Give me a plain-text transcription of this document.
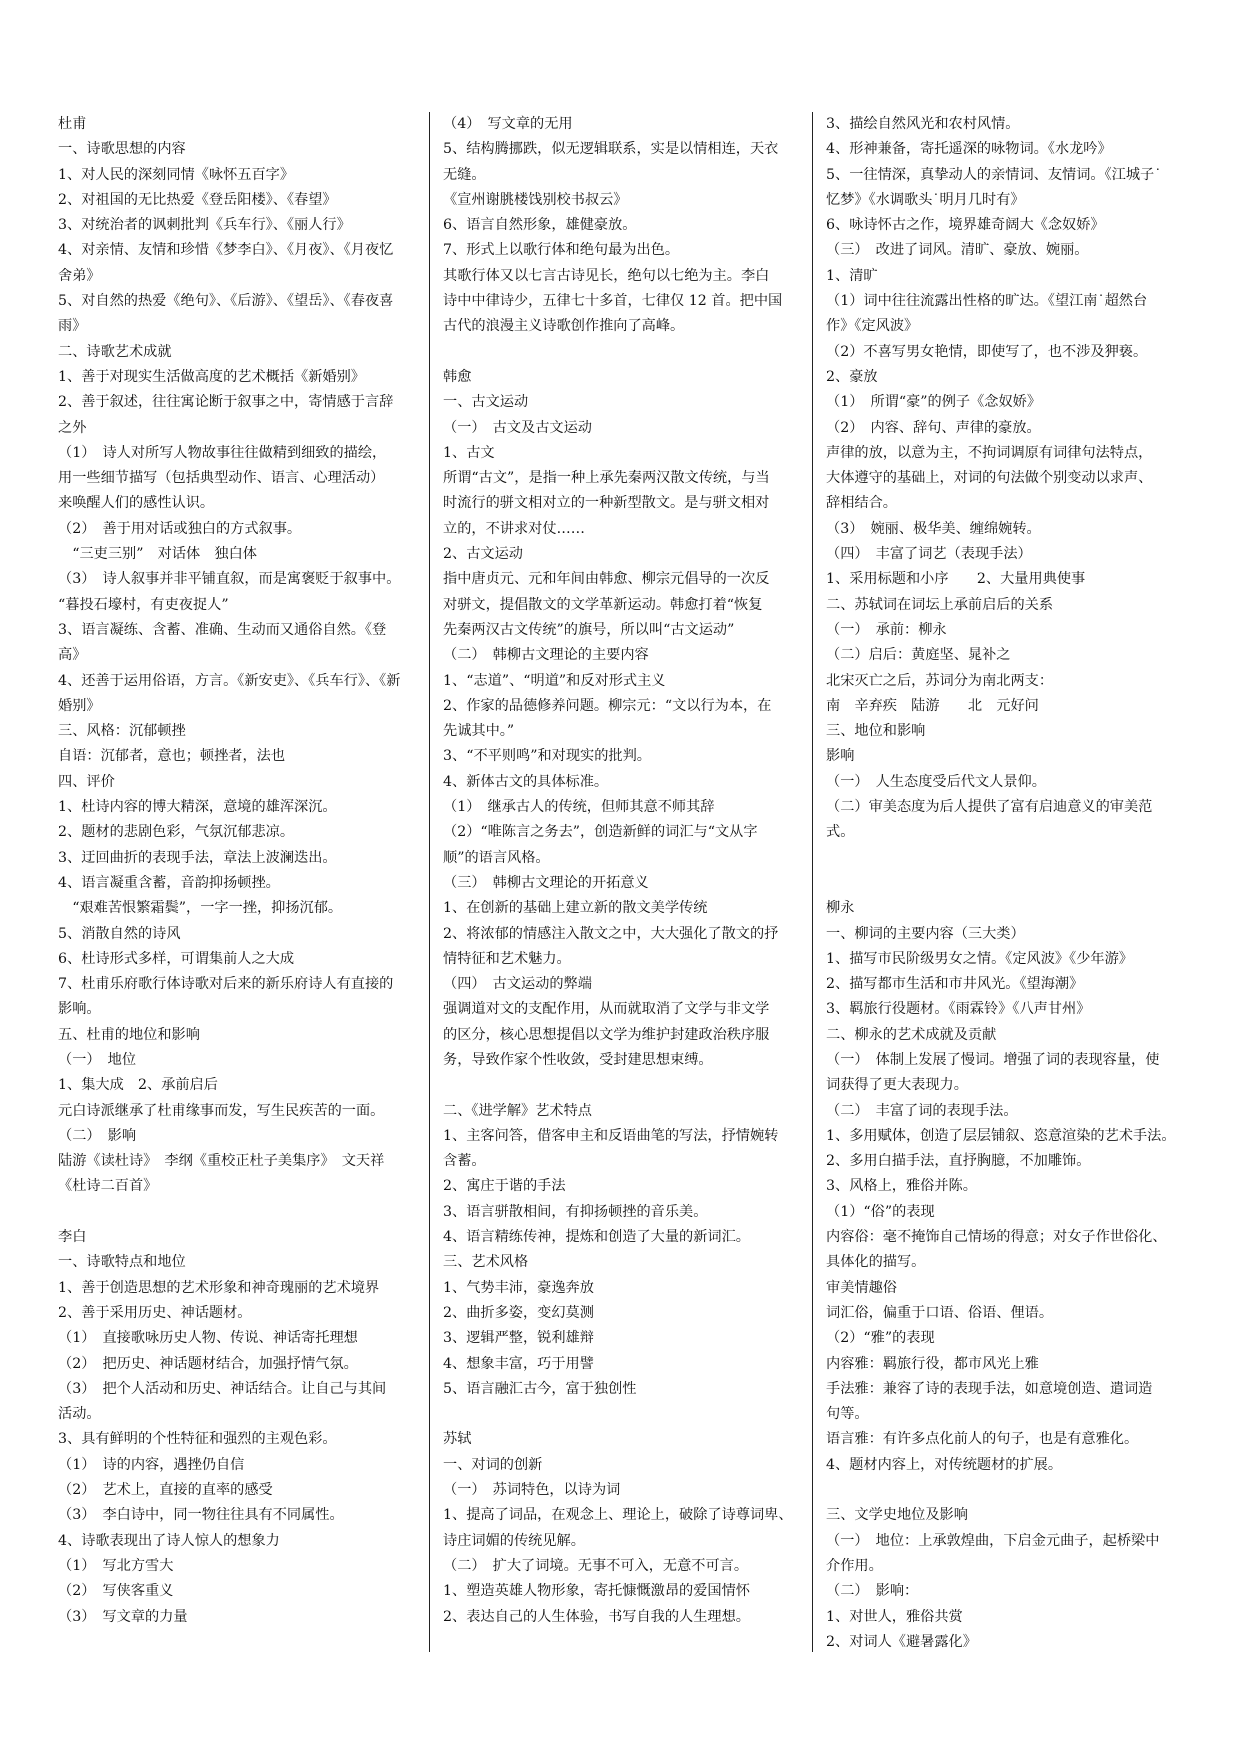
杜甫
一、诗歌思想的内容
1、对人民的深刻同情《咏怀五百字》
2、对祖国的无比热爱《登岳阳楼》、《春望》
3、对统治者的讽刺批判《兵车行》、《丽人行》
4、对亲情、友情和珍惜《梦李白》、《月夜》、《月夜忆
舍弟》
5、对自然的热爱《绝句》、《后游》、《望岳》、《春夜喜
雨》
二、诗歌艺术成就
1、善于对现实生活做高度的艺术概括《新婚别》
2、善于叙述，往往寓论断于叙事之中，寄情感于言辞
之外
（1）　诗人对所写人物故事往往做精到细致的描绘，
用一些细节描写（包括典型动作、语言、心理活动）
来唤醒人们的感性认识。
（2）　善于用对话或独白的方式叙事。
　“三吏三别”　对话体　独白体
（3）　诗人叙事并非平铺直叙，而是寓褒贬于叙事中。
“暮投石壕村，有吏夜捉人”
3、语言凝练、含蓄、准确、生动而又通俗自然。《登
高》
4、还善于运用俗语，方言。《新安吏》、《兵车行》、《新
婚别》
三、风格：沉郁顿挫
自语：沉郁者，意也；顿挫者，法也
四、评价
1、杜诗内容的博大精深，意境的雄浑深沉。
2、题材的悲剧色彩，气氛沉郁悲凉。
3、迂回曲折的表现手法，章法上波澜迭出。
4、语言凝重含蓄，音韵抑扬顿挫。
　“艰难苦恨繁霜鬓”，一字一挫，抑扬沉郁。
5、消散自然的诗风
6、杜诗形式多样，可谓集前人之大成
7、杜甫乐府歌行体诗歌对后来的新乐府诗人有直接的
影响。
五、杜甫的地位和影响
（一）　地位
1、集大成　2、承前启后
元白诗派继承了杜甫缘事而发，写生民疾苦的一面。
（二）　影响
陆游《读杜诗》　李纲《重校正杜子美集序》　文天祥
《杜诗二百首》
李白
一、诗歌特点和地位
1、善于创造思想的艺术形象和神奇瑰丽的艺术境界
2、善于采用历史、神话题材。
（1）　直接歌咏历史人物、传说、神话寄托理想
（2）　把历史、神话题材结合，加强抒情气氛。
（3）　把个人活动和历史、神话结合。让自己与其间
活动。
3、具有鲜明的个性特征和强烈的主观色彩。
（1）　诗的内容，遇挫仍自信
（2）　艺术上，直接的直率的感受
（3）　李白诗中，同一物往往具有不同属性。
4、诗歌表现出了诗人惊人的想象力
（1）　写北方雪大
（2）　写侠客重义
（3）　写文章的力量
（4）　写文章的无用
5、结构腾挪跌，似无逻辑联系，实是以情相连，天衣
无缝。
《宣州谢朓楼饯别校书叔云》
6、语言自然形象，雄健豪放。
7、形式上以歌行体和绝句最为出色。
其歌行体又以七言古诗见长，绝句以七绝为主。李白
诗中中律诗少，五律七十多首，七律仅 12 首。把中国
古代的浪漫主义诗歌创作推向了高峰。
韩愈
一、古文运动
（一）　古文及古文运动
1、古文
所谓“古文”，是指一种上承先秦两汉散文传统，与当
时流行的骈文相对立的一种新型散文。是与骈文相对
立的，不讲求对仗……
2、古文运动
指中唐贞元、元和年间由韩愈、柳宗元倡导的一次反
对骈文，提倡散文的文学革新运动。韩愈打着“恢复
先秦两汉古文传统”的旗号，所以叫“古文运动”
（二）　韩柳古文理论的主要内容
1、“志道”、“明道”和反对形式主义
2、作家的品德修养问题。柳宗元：“文以行为本，在
先诚其中。”
3、“不平则鸣”和对现实的批判。
4、新体古文的具体标准。
（1）　继承古人的传统，但师其意不师其辞
（2）“唯陈言之务去”，创造新鲜的词汇与“文从字
顺”的语言风格。
（三）　韩柳古文理论的开拓意义
1、在创新的基础上建立新的散文美学传统
2、将浓郁的情感注入散文之中，大大强化了散文的抒
情特征和艺术魅力。
（四）　古文运动的弊端
强调道对文的支配作用，从而就取消了文学与非文学
的区分，核心思想提倡以文学为维护封建政治秩序服
务，导致作家个性收敛，受封建思想束缚。
二、《进学解》艺术特点
1、主客问答，借客申主和反语曲笔的写法，抒情婉转
含蓄。
2、寓庄于谐的手法
3、语言骈散相间，有抑扬顿挫的音乐美。
4、语言精练传神，提炼和创造了大量的新词汇。
三、艺术风格
1、气势丰沛，豪逸奔放
2、曲折多姿，变幻莫测
3、逻辑严整，锐利雄辩
4、想象丰富，巧于用譬
5、语言融汇古今，富于独创性
苏轼
一、对词的创新
（一）　苏词特色，以诗为词
1、提高了词品，在观念上、理论上，破除了诗尊词卑、
诗庄词媚的传统见解。
（二）　扩大了词境。无事不可入，无意不可言。
1、塑造英雄人物形象，寄托慷慨激昂的爱国情怀
2、表达自己的人生体验，书写自我的人生理想。
3、描绘自然风光和农村风情。
4、形神兼备，寄托遥深的咏物词。《水龙吟》
5、一往情深，真挚动人的亲情词、友情词。《江城子˙
忆梦》《水调歌头˙明月几时有》
6、咏诗怀古之作，境界雄奇阔大《念奴娇》
（三）　改进了词风。清旷、豪放、婉丽。
1、清旷
（1）词中往往流露出性格的旷达。《望江南˙超然台
作》《定风波》
（2）不喜写男女艳情，即使写了，也不涉及狎亵。
2、豪放
（1）　所谓“豪”的例子《念奴娇》
（2）　内容、辞句、声律的豪放。
声律的放，以意为主，不拘词调原有词律句法特点，
大体遵守的基础上，对词的句法做个别变动以求声、
辞相结合。
（3）　婉丽、极华美、缠绵婉转。
（四）　丰富了词艺（表现手法）
1、采用标题和小序　　2、大量用典使事
二、苏轼词在词坛上承前启后的关系
（一）　承前：柳永
（二）启后：黄庭坚、晁补之
北宋灭亡之后，苏词分为南北两支：
南　辛弃疾　陆游　　北　元好问
三、地位和影响
影响
（一）　人生态度受后代文人景仰。
（二）审美态度为后人提供了富有启迪意义的审美范
式。
柳永
一、柳词的主要内容（三大类）
1、描写市民阶级男女之情。《定风波》《少年游》
2、描写都市生活和市井风光。《望海潮》
3、羁旅行役题材。《雨霖铃》《八声甘州》
二、柳永的艺术成就及贡献
（一）　体制上发展了慢词。增强了词的表现容量，使
词获得了更大表现力。
（二）　丰富了词的表现手法。
1、多用赋体，创造了层层铺叙、恣意渲染的艺术手法。
2、多用白描手法，直抒胸臆，不加雕饰。
3、风格上，雅俗并陈。
（1）“俗”的表现
内容俗：毫不掩饰自己情场的得意；对女子作世俗化、
具体化的描写。
审美情趣俗
词汇俗，偏重于口语、俗语、俚语。
（2）“雅”的表现
内容雅：羁旅行役，都市风光上雅
手法雅：兼容了诗的表现手法，如意境创造、遣词造
句等。
语言雅：有许多点化前人的句子，也是有意雅化。
4、题材内容上，对传统题材的扩展。
三、文学史地位及影响
（一）　地位：上承敦煌曲，下启金元曲子，起桥梁中
介作用。
（二）　影响：
1、对世人，雅俗共赏
2、对词人《避暑露化》
